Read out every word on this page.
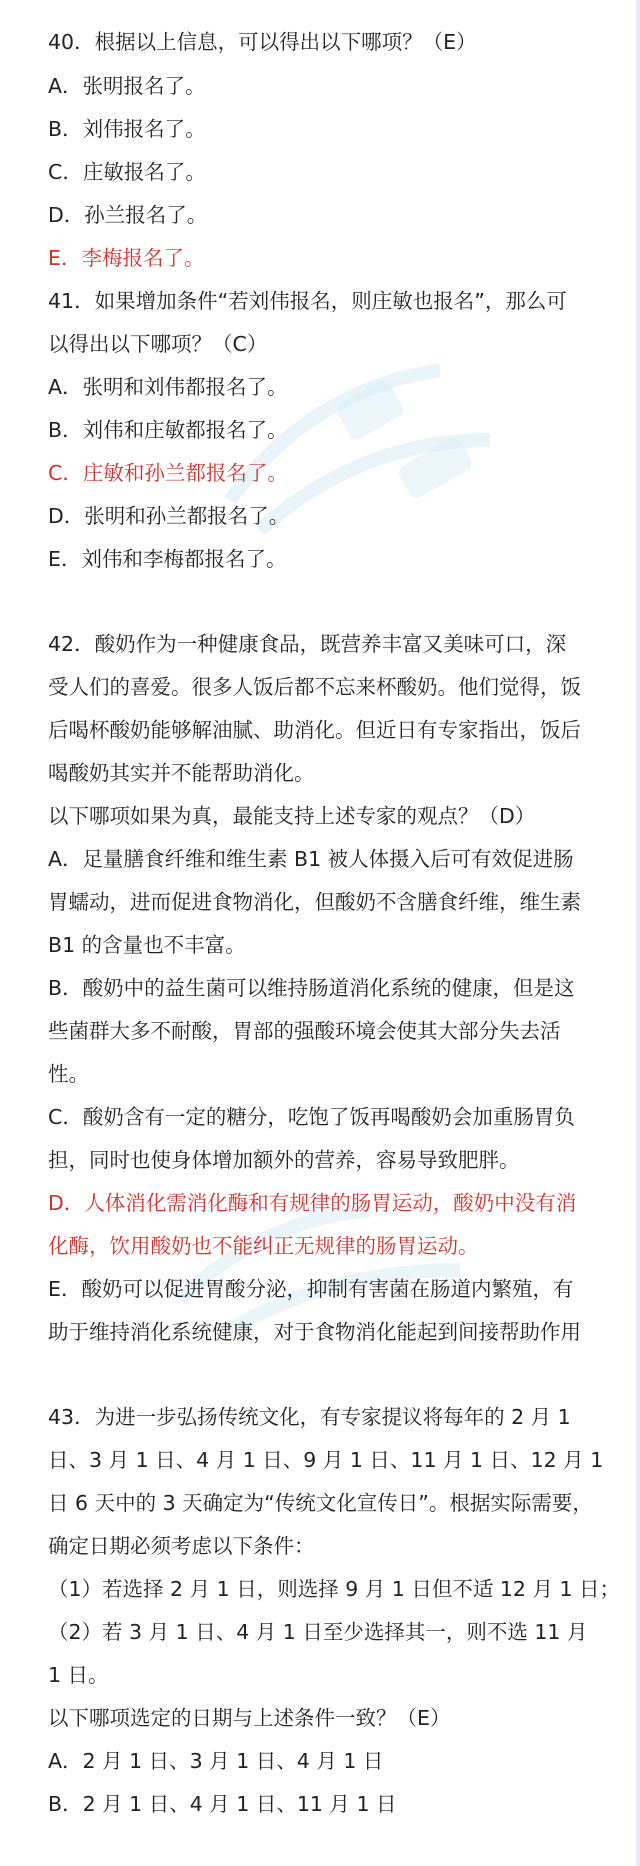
40．根据以上信息，可以得出以下哪项？（E）
A．张明报名了。
B．刘伟报名了。
C．庄敏报名了。
D．孙兰报名了。
E．李梅报名了。
41．如果增加条件“若刘伟报名，则庄敏也报名”，那么可
以得出以下哪项？（C）
A．张明和刘伟都报名了。
B．刘伟和庄敏都报名了。
C．庄敏和孙兰都报名了。
D．张明和孙兰都报名了。
E．刘伟和李梅都报名了。
42．酸奶作为一种健康食品，既营养丰富又美味可口，深
受人们的喜爱。很多人饭后都不忘来杯酸奶。他们觉得，饭
后喝杯酸奶能够解油腻、助消化。但近日有专家指出，饭后
喝酸奶其实并不能帮助消化。
以下哪项如果为真，最能支持上述专家的观点？（D）
A．足量膳食纤维和维生素 B1 被人体摄入后可有效促进肠
胃蠕动，进而促进食物消化，但酸奶不含膳食纤维，维生素
B1 的含量也不丰富。
B．酸奶中的益生菌可以维持肠道消化系统的健康，但是这
些菌群大多不耐酸，胃部的强酸环境会使其大部分失去活
性。
C．酸奶含有一定的糖分，吃饱了饭再喝酸奶会加重肠胃负
担，同时也使身体增加额外的营养，容易导致肥胖。
D．人体消化需消化酶和有规律的肠胃运动，酸奶中没有消
化酶，饮用酸奶也不能纠正无规律的肠胃运动。
E．酸奶可以促进胃酸分泌，抑制有害菌在肠道内繁殖，有
助于维持消化系统健康，对于食物消化能起到间接帮助作用
43．为进一步弘扬传统文化，有专家提议将每年的 2 月 1
日、3 月 1 日、4 月 1 日、9 月 1 日、11 月 1 日、12 月 1
日 6 天中的 3 天确定为“传统文化宣传日”。根据实际需要，
确定日期必须考虑以下条件：
（1）若选择 2 月 1 日，则选择 9 月 1 日但不适 12 月 1 日；
（2）若 3 月 1 日、4 月 1 日至少选择其一，则不选 11 月
1 日。
以下哪项选定的日期与上述条件一致？（E）
A．2 月 1 日、3 月 1 日、4 月 1 日
B．2 月 1 日、4 月 1 日、11 月 1 日
